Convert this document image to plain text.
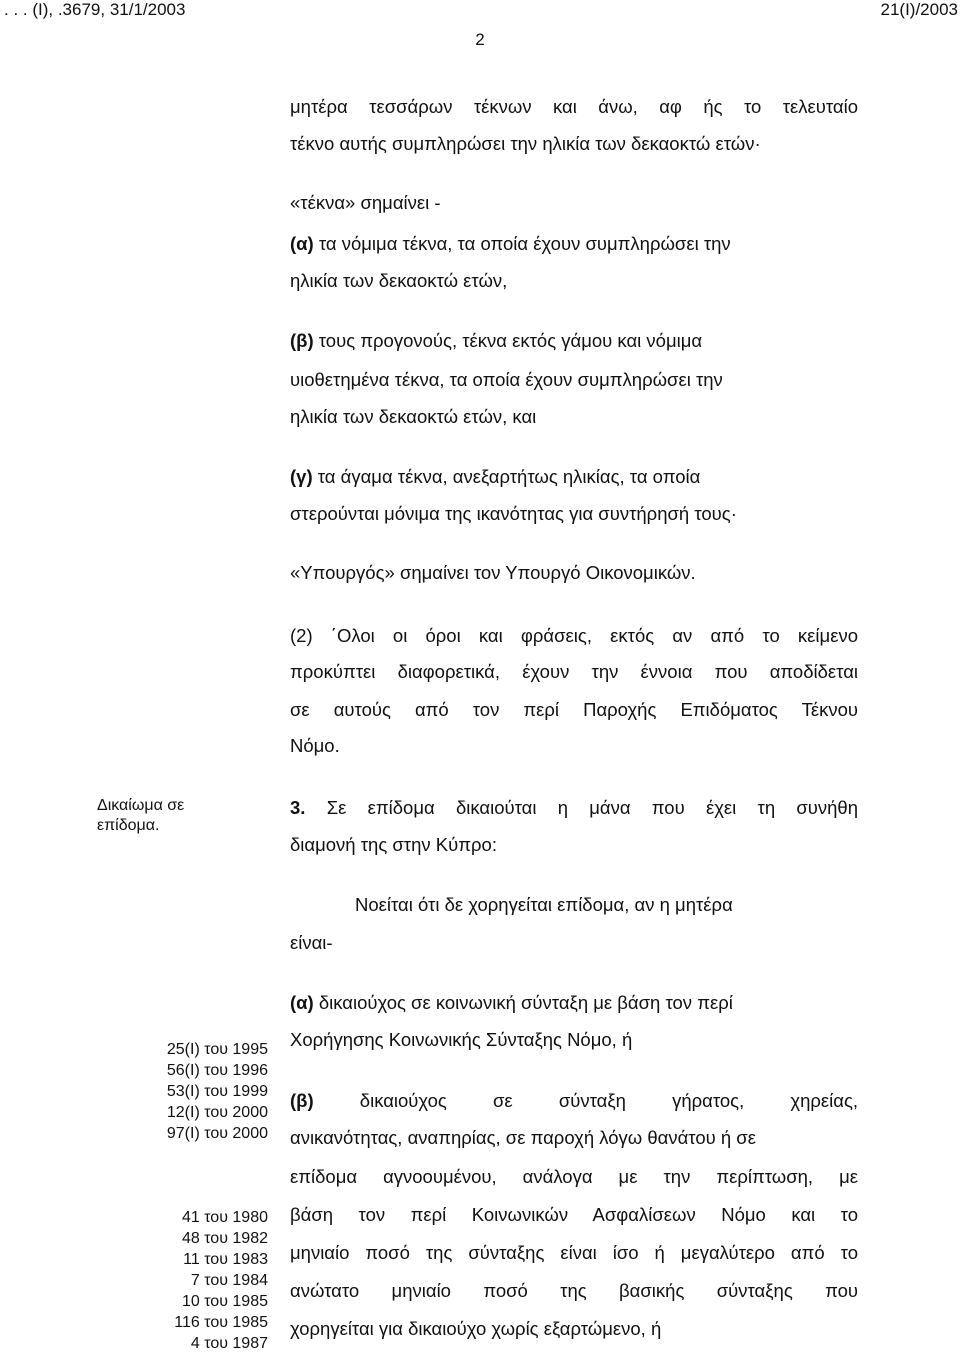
. . . (Ι), .3679, 31/1/2003	21(Ι)/2003
2
μητέρα τεσσάρων τέκνων και άνω, αφ ής το τελευταίο
τέκνο αυτής συμπληρώσει την ηλικία των δεκαοκτώ ετών·
«τέκνα» σημαίνει -
(α) τα νόμιμα τέκνα, τα οποία έχουν συμπληρώσει την
ηλικία των δεκαοκτώ ετών,
(β) τους προγονούς, τέκνα εκτός γάμου και νόμιμα
υιοθετημένα τέκνα, τα οποία έχουν συμπληρώσει την
ηλικία των δεκαοκτώ ετών, και
(γ) τα άγαμα τέκνα, ανεξαρτήτως ηλικίας, τα οποία
στερούνται μόνιμα της ικανότητας για συντήρησή τους·
«Υπουργός» σημαίνει τον Υπουργό Οικονομικών.
(2) ΄Ολοι οι όροι και φράσεις, εκτός αν από το κείμενο
προκύπτει διαφορετικά, έχουν την έννοια που αποδίδεται
σε αυτούς από τον περί Παροχής Επιδόματος Τέκνου
Νόμο.
Δικαίωμα σε
επίδομα.
3. Σε επίδομα δικαιούται η μάνα που έχει τη συνήθη
διαμονή της στην Κύπρο:
Νοείται ότι δε χορηγείται επίδομα, αν η μητέρα
είναι-
(α) δικαιούχος σε κοινωνική σύνταξη με βάση τον περί
Χορήγησης Κοινωνικής Σύνταξης Νόμο, ή
(β) δικαιούχος σε σύνταξη γήρατος, χηρείας,
ανικανότητας, αναπηρίας, σε παροχή λόγω θανάτου ή σε
επίδομα αγνοουμένου, ανάλογα με την περίπτωση, με
βάση τον περί Κοινωνικών Ασφαλίσεων Νόμο και το
μηνιαίο ποσό της σύνταξης είναι ίσο ή μεγαλύτερο από το
ανώτατο μηνιαίο ποσό της βασικής σύνταξης που
χορηγείται για δικαιούχο χωρίς εξαρτώμενο, ή
25(Ι) του 1995
56(Ι) του 1996
53(Ι) του 1999
12(Ι) του 2000
97(Ι) του 2000
41 του 1980
48 του 1982
11 του 1983
7 του 1984
10 του 1985
116 του 1985
4 του 1987
